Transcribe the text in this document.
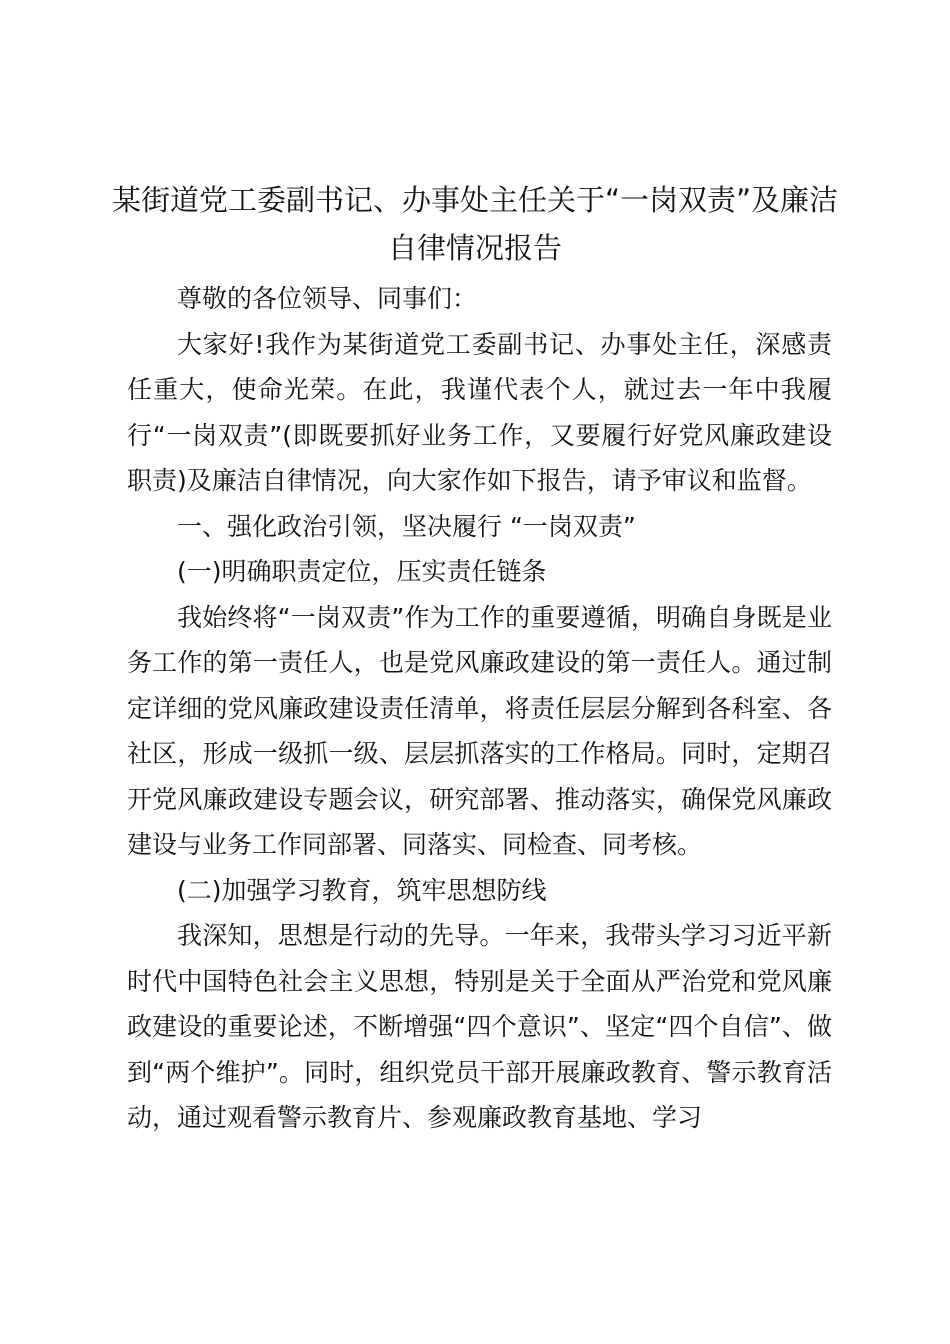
某街道党工委副书记、办事处主任关于“一岗双责”及廉洁自律情况报告

尊敬的各位领导、同事们：

大家好!我作为某街道党工委副书记、办事处主任，深感责任重大，使命光荣。在此，我谨代表个人，就过去一年中我履行“一岗双责”(即既要抓好业务工作，又要履行好党风廉政建设职责)及廉洁自律情况，向大家作如下报告，请予审议和监督。

一、强化政治引领，坚决履行 “一岗双责”

(一)明确职责定位，压实责任链条

我始终将“一岗双责”作为工作的重要遵循，明确自身既是业务工作的第一责任人，也是党风廉政建设的第一责任人。通过制定详细的党风廉政建设责任清单，将责任层层分解到各科室、各社区，形成一级抓一级、层层抓落实的工作格局。同时，定期召开党风廉政建设专题会议，研究部署、推动落实，确保党风廉政建设与业务工作同部署、同落实、同检查、同考核。

(二)加强学习教育，筑牢思想防线

我深知，思想是行动的先导。一年来，我带头学习习近平新时代中国特色社会主义思想，特别是关于全面从严治党和党风廉政建设的重要论述，不断增强“四个意识”、坚定“四个自信”、做到“两个维护”。同时，组织党员干部开展廉政教育、警示教育活动，通过观看警示教育片、参观廉政教育基地、学习
